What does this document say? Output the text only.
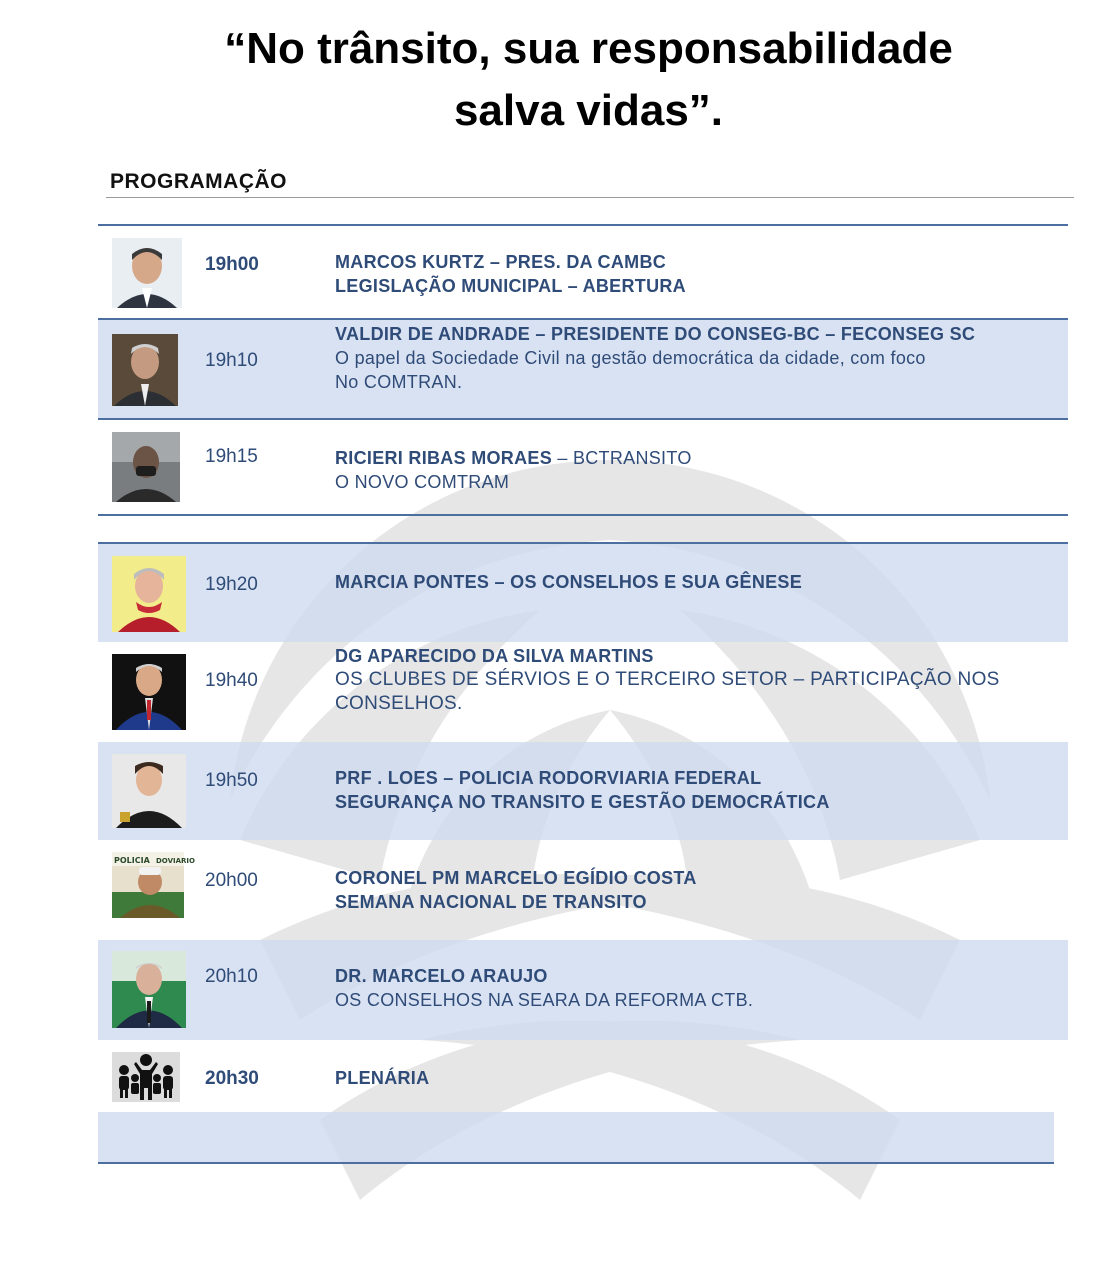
“No trânsito, sua responsabilidade
salva vidas”.
PROGRAMAÇÃO
19h00	MARCOS KURTZ – PRES. DA CAMBC
LEGISLAÇÃO MUNICIPAL – ABERTURA
19h10
VALDIR DE ANDRADE – PRESIDENTE DO CONSEG-BC – FECONSEG SC
O papel da Sociedade Civil na gestão democrática da cidade, com foco
No COMTRAN.
19h15	RICIERI RIBAS MORAES – BCTRANSITO
O NOVO COMTRAM
19h20	MARCIA PONTES – OS CONSELHOS E SUA GÊNESE
19h40
DG APARECIDO DA SILVA MARTINS
OS CLUBES DE SÉRVIOS E O TERCEIRO SETOR – PARTICIPAÇÃO NOS
CONSELHOS.
19h50	PRF . LOES – POLICIA RODORVIARIA FEDERAL
SEGURANÇA NO TRANSITO E GESTÃO DEMOCRÁTICA
POLICIA DOVIARIO
20h00	CORONEL PM MARCELO EGÍDIO COSTA
SEMANA NACIONAL DE TRANSITO
20h10	DR. MARCELO ARAUJO
OS CONSELHOS NA SEARA DA REFORMA CTB.
20h30	PLENÁRIA
